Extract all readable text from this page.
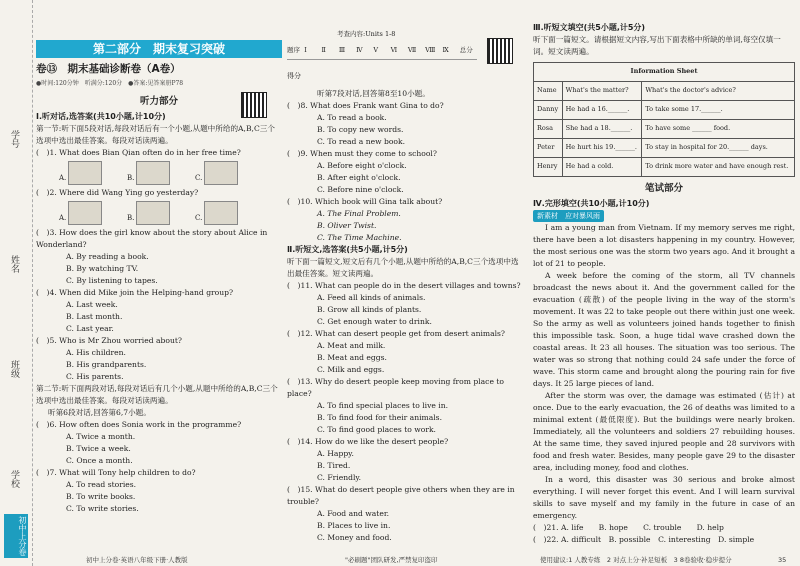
学号
姓名
班级
学校
初中上分卷
第二部分　期末复习突破
卷⑬　期末基础诊断卷（A卷）
●时间:120分钟　听满分:120分　●答案:见答案册P78
听力部分

Ⅰ.听对话,选答案(共10小题,计10分)

第一节:听下面5段对话,每段对话后有一个小题,从题中所给的A,B,C三个选项中选出最佳答案。每段对话读两遍。

(　)1. What does Bian Qian often do in her free time?

A.	B.	C.

(　)2. Where did Wang Ying go yesterday?

A.	B.	C.

(　)3. How does the girl know about the story about Alice in Wonderland?

A. By reading a book.

B. By watching TV.

C. By listening to tapes.

(　)4. When did Mike join the Helping-hand group?

A. Last week.

B. Last month.

C. Last year.

(　)5. Who is Mr Zhou worried about?

A. His children.

B. His grandparents.

C. His parents.

第二节:听下面两段对话,每段对话后有几个小题,从题中所给的A,B,C三个选项中选出最佳答案。每段对话读两遍。

听第6段对话,回答第6,7小题。

(　)6. How often does Sonia work in the programme?

A. Twice a month.

B. Twice a week.

C. Once a month.

(　)7. What will Tony help children to do?

A. To read stories.

B. To write books.

C. To write stories.

初中上分卷·英语八年级下册·人教版
考查内容:Units 1-8
题序 Ⅰ	Ⅱ	Ⅲ	Ⅳ	Ⅴ	Ⅵ	Ⅶ	Ⅷ	Ⅸ	总分
得分

听第7段对话,回答第8至10小题。

(　)8. What does Frank want Gina to do?

A. To read a book.

B. To copy new words.

C. To read a new book.

(　)9. When must they come to school?

A. Before eight o'clock.

B. After eight o'clock.

C. Before nine o'clock.

(　)10. Which book will Gina talk about?

A. The Final Problem.

B. Oliver Twist.

C. The Time Machine.

Ⅱ.听短文,选答案(共5小题,计5分)

听下面一篇短文,短文后有几个小题,从题中所给的A,B,C三个选项中选出最佳答案。短文读两遍。

(　)11. What can people do in the desert villages and towns?

A. Feed all kinds of animals.

B. Grow all kinds of plants.

C. Get enough water to drink.

(　)12. What can desert people get from desert animals?

A. Meat and milk.

B. Meat and eggs.

C. Milk and eggs.

(　)13. Why do desert people keep moving from place to place?

A. To find special places to live in.

B. To find food for their animals.

C. To find good places to work.

(　)14. How do we like the desert people?

A. Happy.

B. Tired.

C. Friendly.

(　)15. What do desert people give others when they are in trouble?

A. Food and water.

B. Places to live in.

C. Money and food.

"必刷题"团队研发,严禁复印盗印

Ⅲ.听短文填空(共5小题,计5分)

听下面一篇短文。请根据短文内容,写出下面表格中所缺的单词,每空仅填一词。短文读两遍。

Information Sheet		
Name	What's the matter?	What's the doctor's advice?
Danny	He had a 16.______.	To take some 17.______.
Rosa	She had a 18.______.	To have some ______ food.
Peter	He hurt his 19.______.	To stay in hospital for 20.______ days.
Henry	He had a cold.	To drink more water and have enough rest.
笔试部分

Ⅳ.完形填空(共10小题,计10分)

新素材　应对暴风雨

I am a young man from Vietnam. If my memory serves me right, there have been a lot disasters happening in my country. However, the most serious one was the storm two years ago. And it brought a lot of 21 to people.

A week before the coming of the storm, all TV channels broadcast the news about it. And the government called for the evacuation (疏散) of the people living in the way of the storm's movement. It was 22 to take people out there within just one week. So the army as well as volunteers joined hands together to finish this impossible task. Soon, a huge tidal wave crashed down the coastal areas. It 23 all houses. The situation was too serious. The water was so strong that nothing could 24 safe under the force of wave. This storm came and brought along the pouring rain for five days. It 25 large pieces of land.

After the storm was over, the damage was estimated (估计) at once. Due to the early evacuation, the 26 of deaths was limited to a minimal extent (最低限度). But the buildings were nearly broken. Immediately, all the volunteers and soldiers 27 rebuilding houses. At the same time, they saved injured people and 28 survivors with food and fresh water. Besides, many people gave 29 to the disaster area, including money, food and clothes.

In a word, this disaster was 30 serious and broke almost everything. I will never forget this event. And I will learn survival skills to save myself and my family in the future in case of an emergency.

(　)21. A. life　　B. hope　　C. trouble　　D. help

(　)22. A. difficult　B. possible　C. interesting　D. simple

使用建议:1 人教专练　2 对点上分·补足短板　3 8卷验收·稳步提分	35
